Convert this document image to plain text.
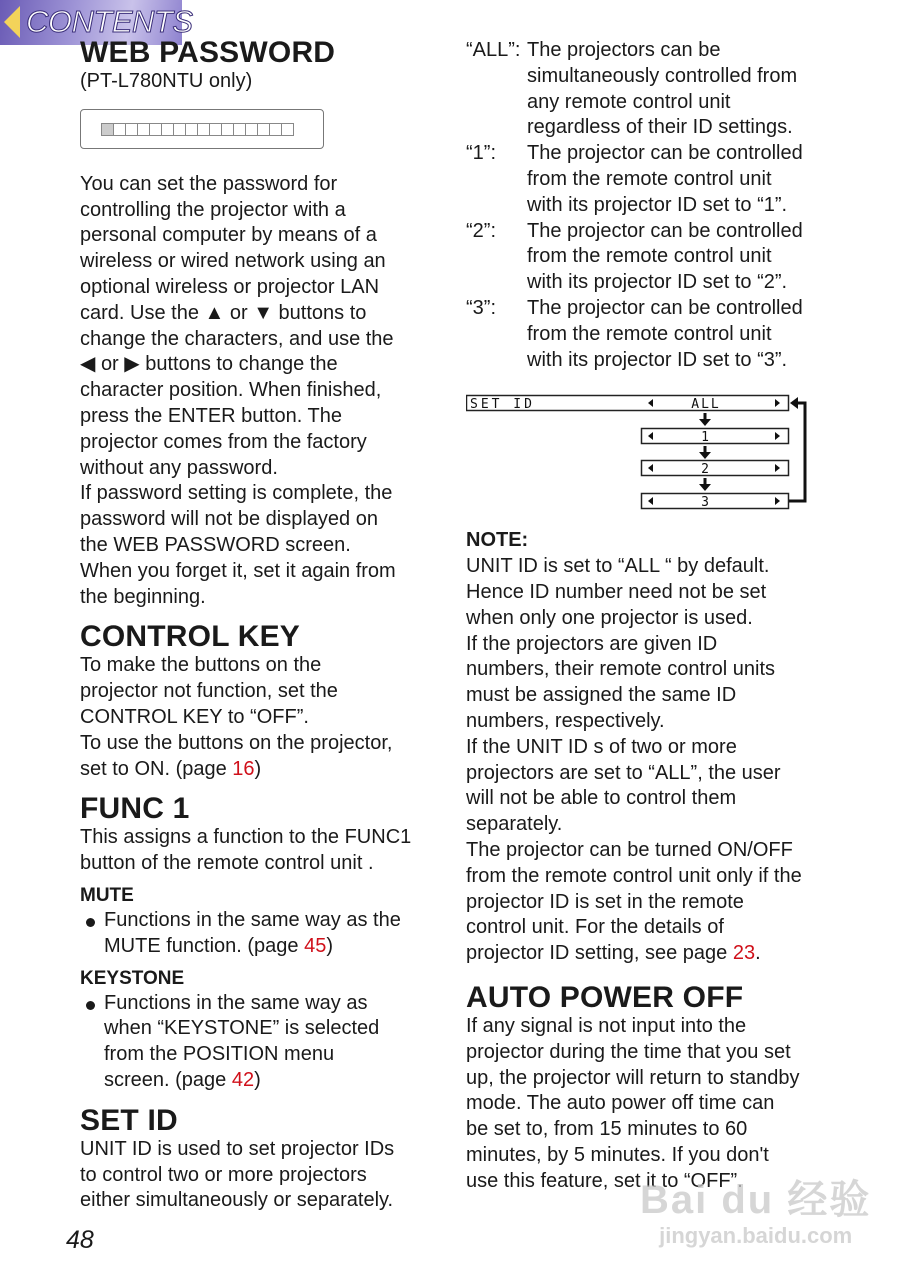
CONTENTS
WEB PASSWORD
(PT-L780NTU only)
You can set the password for
controlling the projector with a
personal computer by means of a
wireless or wired network using an
optional wireless or projector LAN
card. Use the ▲ or ▼ buttons to
change the characters, and use the
◀ or ▶ buttons to change the
character position. When finished,
press the ENTER button. The
projector comes from the factory
without any password.
If password setting is complete, the
password will not be displayed on
the WEB PASSWORD screen.
When you forget it, set it again from
the beginning.
CONTROL KEY
To make the buttons on the
projector not function, set the
CONTROL KEY to “OFF”.
To use the buttons on the projector,
set to ON. (page 16)
FUNC 1
This assigns a function to the FUNC1
button of the remote control unit .
MUTE
Functions in the same way as the
MUTE function. (page 45)
KEYSTONE
Functions in the same way as
when “KEYSTONE” is selected
from the POSITION menu
screen. (page 42)
SET ID
UNIT ID is used to set projector IDs
to control two or more projectors
either simultaneously or separately.
“ALL”: The projectors can be
simultaneously controlled from
any remote control unit
regardless of their ID settings.
“1”: The projector can be controlled
from the remote control unit
with its projector ID set to “1”.
“2”: The projector can be controlled
from the remote control unit
with its projector ID set to “2”.
“3”: The projector can be controlled
from the remote control unit
with its projector ID set to “3”.
SET ID	ALL
1
2
3
NOTE:
UNIT ID is set to “ALL “ by default.
Hence ID number need not be set
when only one projector is used.
If the projectors are given ID
numbers, their remote control units
must be assigned the same ID
numbers, respectively.
If the UNIT ID s of two or more
projectors are set to “ALL”, the user
will not be able to control them
separately.
The projector can be turned ON/OFF
from the remote control unit only if the
projector ID is set in the remote
control unit. For the details of
projector ID setting, see page 23.
AUTO POWER OFF
If any signal is not input into the
projector during the time that you set
up, the projector will return to standby
mode. The auto power off time can
be set to, from 15 minutes to 60
minutes, by 5 minutes. If you don't
use this feature, set it to “OFF”.
48
Bai du 经验
jingyan.baidu.com
